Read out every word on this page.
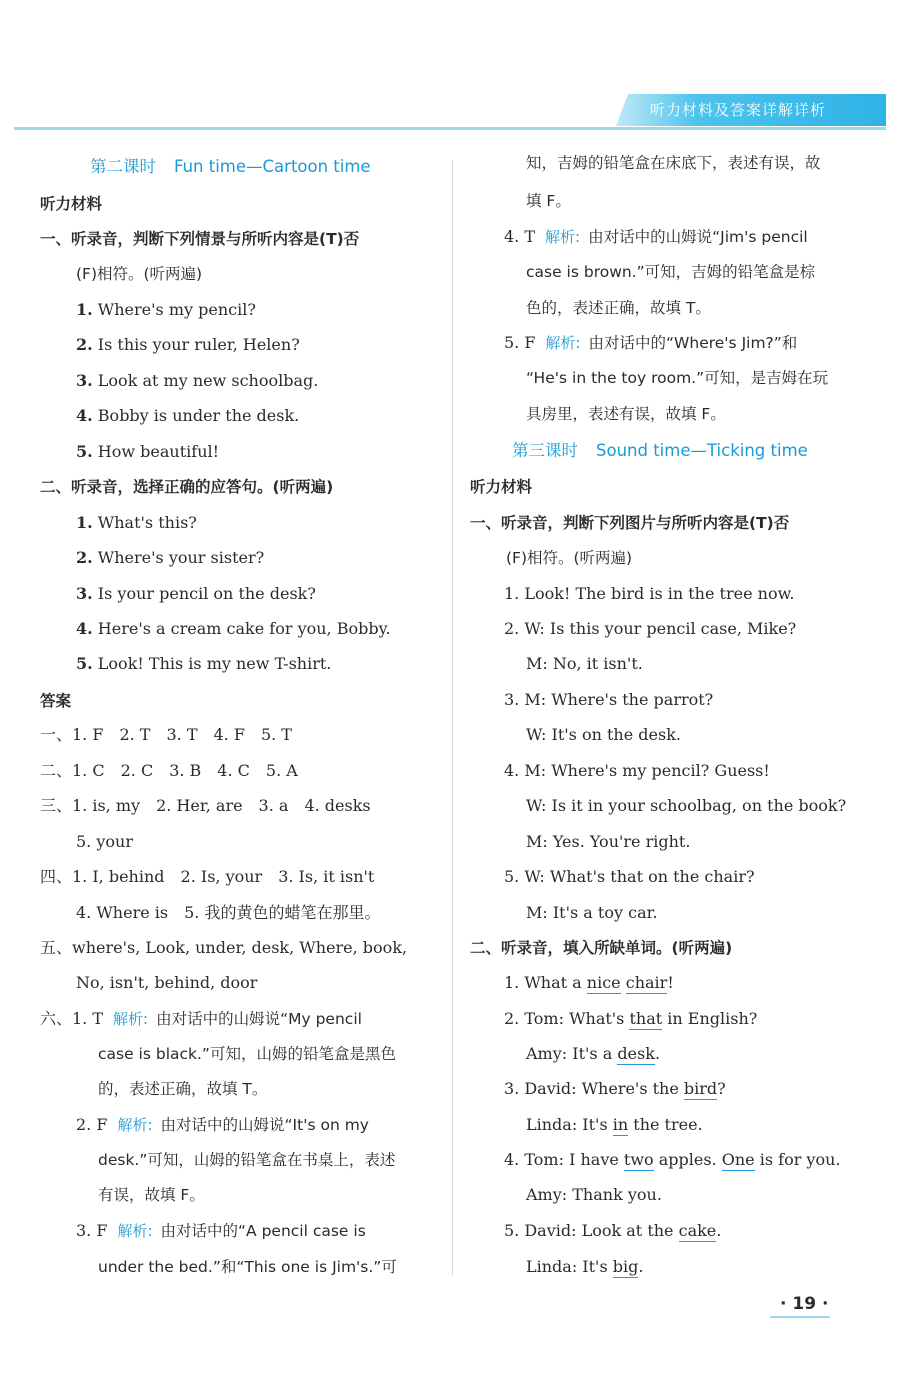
听力材料及答案详解详析
第二课时 Fun time—Cartoon time
听力材料
一、听录音，判断下列情景与所听内容是(T)否
(F)相符。(听两遍)
1. Where's my pencil?
2. Is this your ruler, Helen?
3. Look at my new schoolbag.
4. Bobby is under the desk.
5. How beautiful!
二、听录音，选择正确的应答句。(听两遍)
1. What's this?
2. Where's your sister?
3. Is your pencil on the desk?
4. Here's a cream cake for you, Bobby.
5. Look! This is my new T-shirt.
答案
一、1. F　2. T　3. T　4. F　5. T
二、1. C　2. C　3. B　4. C　5. A
三、1. is, my　2. Her, are　3. a　4. desks
5. your
四、1. I, behind　2. Is, your　3. Is, it isn't
4. Where is　5. 我的黄色的蜡笔在那里。
五、where's, Look, under, desk, Where, book,
No, isn't, behind, door
六、1. T 解析: 由对话中的山姆说“My pencil
case is black.”可知，山姆的铅笔盒是黑色
的，表述正确，故填 T。
2. F 解析: 由对话中的山姆说“It's on my
desk.”可知，山姆的铅笔盒在书桌上，表述
有误，故填 F。
3. F 解析: 由对话中的“A pencil case is
under the bed.”和“This one is Jim's.”可
知，吉姆的铅笔盒在床底下，表述有误，故
填 F。
4. T 解析: 由对话中的山姆说“Jim's pencil
case is brown.”可知，吉姆的铅笔盒是棕
色的，表述正确，故填 T。
5. F 解析: 由对话中的“Where's Jim?”和
“He's in the toy room.”可知，是吉姆在玩
具房里，表述有误，故填 F。
第三课时 Sound time—Ticking time
听力材料
一、听录音，判断下列图片与所听内容是(T)否
(F)相符。(听两遍)
1. Look! The bird is in the tree now.
2. W: Is this your pencil case, Mike?
M: No, it isn't.
3. M: Where's the parrot?
W: It's on the desk.
4. M: Where's my pencil? Guess!
W: Is it in your schoolbag, on the book?
M: Yes. You're right.
5. W: What's that on the chair?
M: It's a toy car.
二、听录音，填入所缺单词。(听两遍)
1. What a nice chair!
2. Tom: What's that in English?
Amy: It's a desk.
3. David: Where's the bird?
Linda: It's in the tree.
4. Tom: I have two apples. One is for you.
Amy: Thank you.
5. David: Look at the cake.
Linda: It's big.
· 19 ·
